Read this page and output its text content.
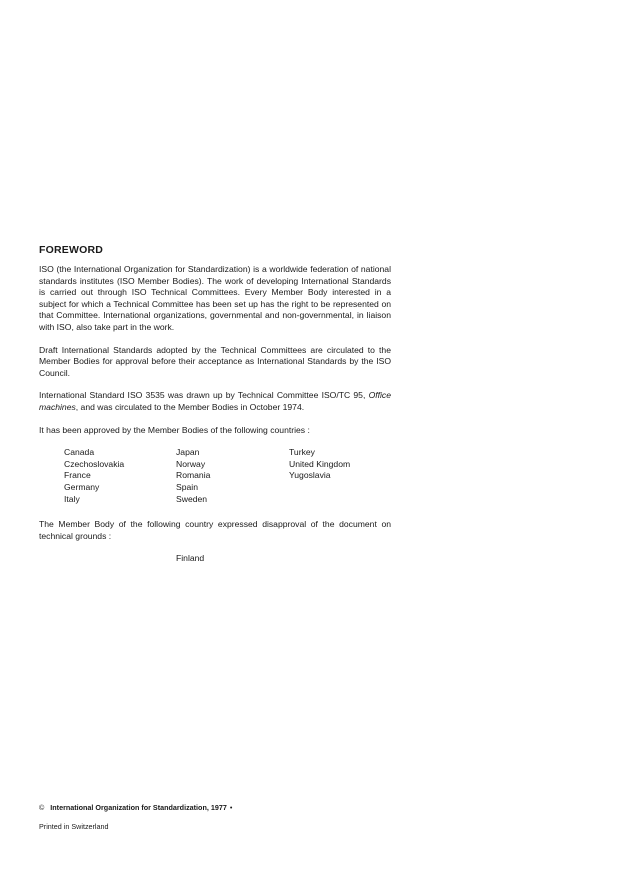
FOREWORD

ISO (the International Organization for Standardization) is a worldwide federation of national standards institutes (ISO Member Bodies). The work of developing International Standards is carried out through ISO Technical Committees. Every Member Body interested in a subject for which a Technical Committee has been set up has the right to be represented on that Committee. International organizations, governmental and non-governmental, in liaison with ISO, also take part in the work.

Draft International Standards adopted by the Technical Committees are circulated to the Member Bodies for approval before their acceptance as International Standards by the ISO Council.

International Standard ISO 3535 was drawn up by Technical Committee ISO/TC 95, Office machines, and was circulated to the Member Bodies in October 1974.

It has been approved by the Member Bodies of the following countries :

Canada
Czechoslovakia
France
Germany
Italy
Japan
Norway
Romania
Spain
Sweden
Turkey
United Kingdom
Yugoslavia

The Member Body of the following country expressed disapproval of the document on technical grounds :

Finland
© International Organization for Standardization, 1977 •
Printed in Switzerland
